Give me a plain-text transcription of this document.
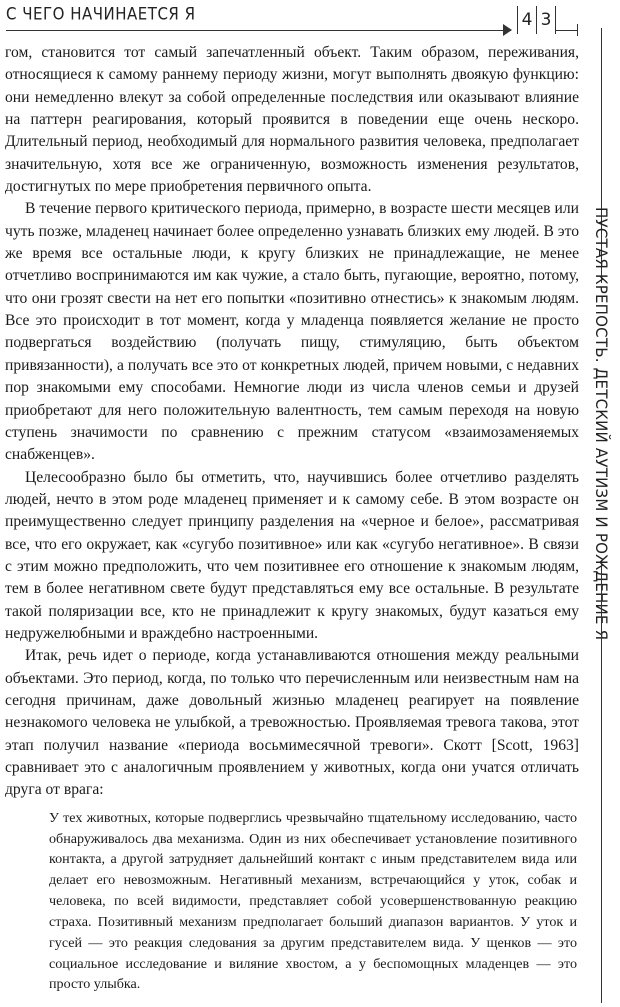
С ЧЕГО НАЧИНАЕТСЯ Я	4 3
ПУСТАЯ КРЕПОСТЬ. ДЕТСКИЙ АУТИЗМ И РОЖДЕНИЕ Я

гом, становится тот самый запечатленный объект. Таким образом, переживания, относящиеся к самому раннему периоду жизни, могут выполнять двоякую функцию: они немедленно влекут за собой определенные последствия или оказывают влияние на паттерн реагирования, который проявится в поведении еще очень нескоро. Длительный период, необходимый для нормального развития человека, предполагает значительную, хотя все же ограниченную, возможность изменения результатов, достигнутых по мере приобретения первичного опыта.

В течение первого критического периода, примерно, в возрасте шести месяцев или чуть позже, младенец начинает более определенно узнавать близких ему людей. В это же время все остальные люди, к кругу близких не принадлежащие, не менее отчетливо воспринимаются им как чужие, а стало быть, пугающие, вероятно, потому, что они грозят свести на нет его попытки «позитивно отнестись» к знакомым людям. Все это происходит в тот момент, когда у младенца появляется желание не просто подвергаться воздействию (получать пищу, стимуляцию, быть объектом привязанности), а получать все это от конкретных людей, причем новыми, с недавних пор знакомыми ему способами. Немногие люди из числа членов семьи и друзей приобретают для него положительную валентность, тем самым переходя на новую ступень значимости по сравнению с прежним статусом «взаимозаменяемых снабженцев».

Целесообразно было бы отметить, что, научившись более отчетливо разделять людей, нечто в этом роде младенец применяет и к самому себе. В этом возрасте он преимущественно следует принципу разделения на «черное и белое», рассматривая все, что его окружает, как «сугубо позитивное» или как «сугубо негативное». В связи с этим можно предположить, что чем позитивнее его отношение к знакомым людям, тем в более негативном свете будут представляться ему все остальные. В результате такой поляризации все, кто не принадлежит к кругу знакомых, будут казаться ему недружелюбными и враждебно настроенными.

Итак, речь идет о периоде, когда устанавливаются отношения между реальными объектами. Это период, когда, по только что перечисленным или неизвестным нам на сегодня причинам, даже довольный жизнью младенец реагирует на появление незнакомого человека не улыбкой, а тревожностью. Проявляемая тревога такова, этот этап получил название «периода восьмимесячной тревоги». Скотт [Scott, 1963] сравнивает это с аналогичным проявлением у животных, когда они учатся отличать друга от врага:

У тех животных, которые подверглись чрезвычайно тщательному исследованию, часто обнаруживалось два механизма. Один из них обеспечивает установление позитивного контакта, а другой затрудняет дальнейший контакт с иным представителем вида или делает его невозможным. Негативный механизм, встречающийся у уток, собак и человека, по всей видимости, представляет собой усовершенствованную реакцию страха. Позитивный механизм предполагает больший диапазон вариантов. У уток и гусей — это реакция следования за другим представителем вида. У щенков — это социальное исследование и виляние хвостом, а у беспомощных младенцев — это просто улыбка.
